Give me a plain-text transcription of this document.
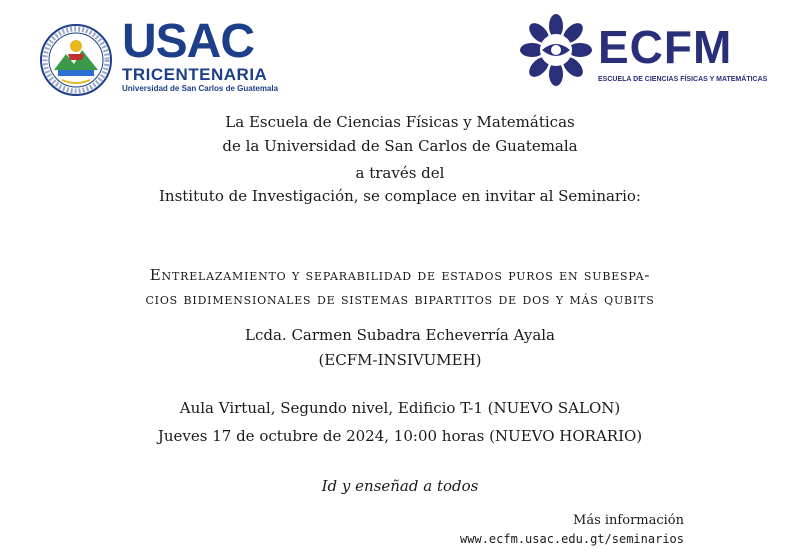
USAC
TRICENTENARIA
Universidad de San Carlos de Guatemala
ECFM
ESCUELA DE CIENCIAS FÍSICAS Y MATEMÁTICAS
La Escuela de Ciencias Físicas y Matemáticas
de la Universidad de San Carlos de Guatemala
a través del
Instituto de Investigación, se complace en invitar al Seminario:
Entrelazamiento y separabilidad de estados puros en subespa-
cios bidimensionales de sistemas bipartitos de dos y más qubits
Lcda. Carmen Subadra Echeverría Ayala
(ECFM-INSIVUMEH)
Aula Virtual, Segundo nivel, Edificio T-1 (NUEVO SALON)
Jueves 17 de octubre de 2024, 10:00 horas (NUEVO HORARIO)
Id y enseñad a todos
Más información
www.ecfm.usac.edu.gt/seminarios
